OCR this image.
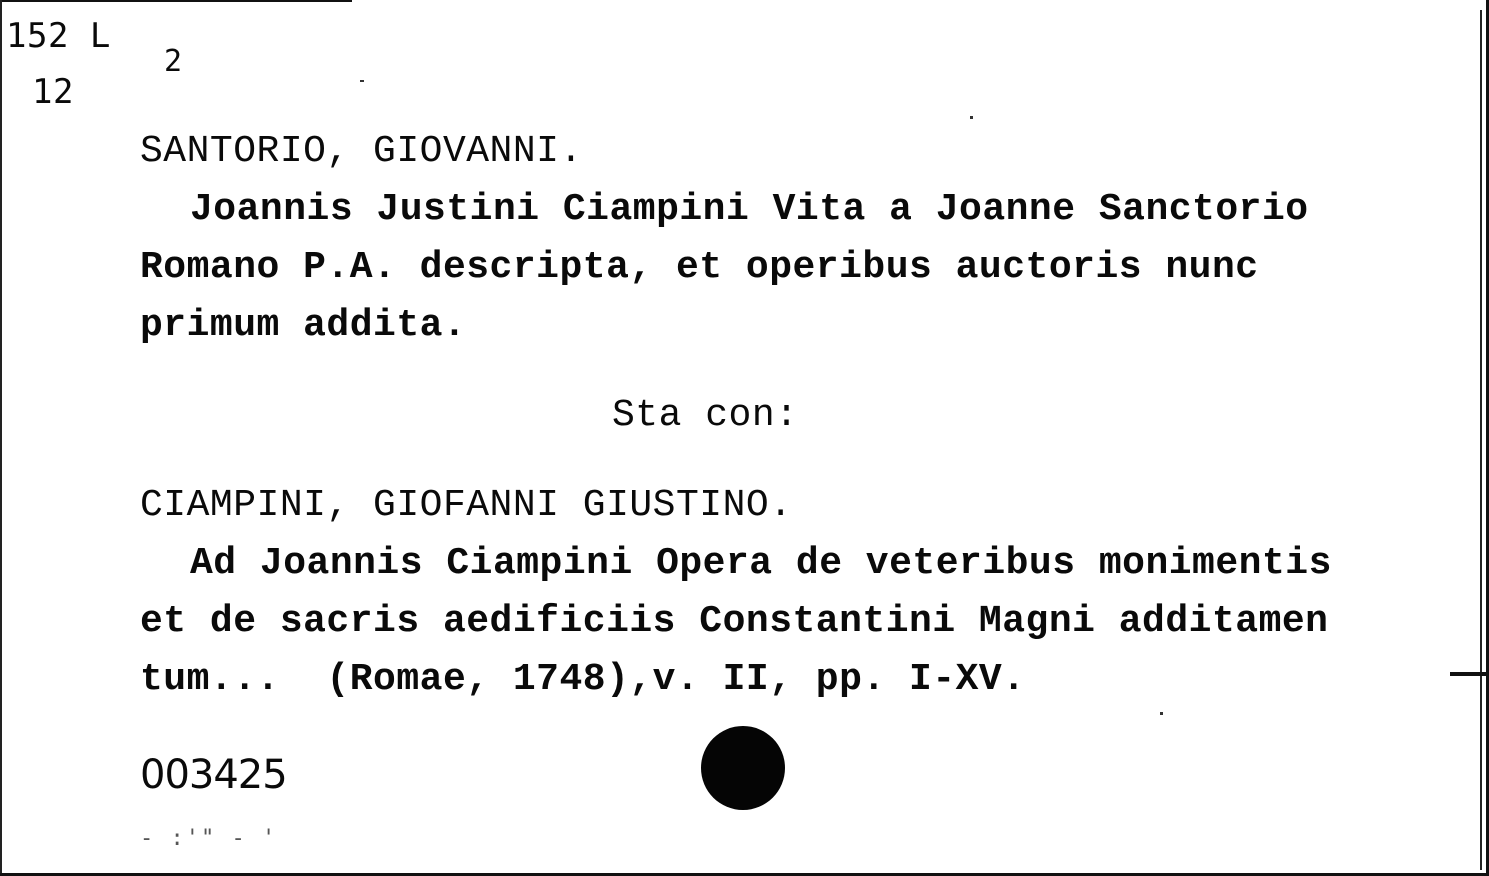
152 L
12
2
SANTORIO, GIOVANNI.
Joannis Justini Ciampini Vita a Joanne Sanctorio
Romano P.A. descripta, et operibus auctoris nunc
primum addita.
Sta con:
CIAMPINI, GIOFANNI GIUSTINO.
Ad Joannis Ciampini Opera de veteribus monimentis
et de sacris aedificiis Constantini Magni additamen
tum...  (Romae, 1748),v. II, pp. I-XV.
003425
- :'" - '
